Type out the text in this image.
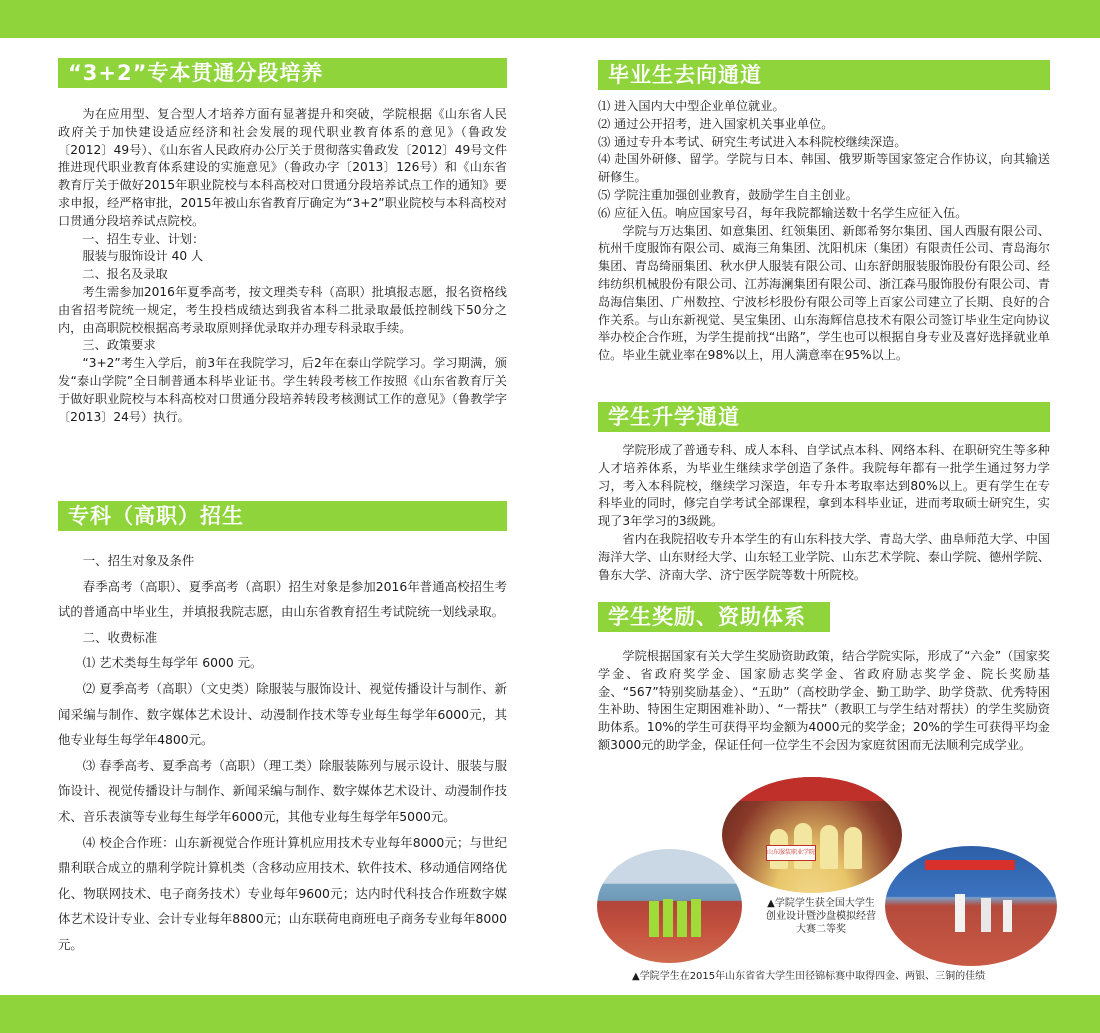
“3+2”专本贯通分段培养

为在应用型、复合型人才培养方面有显著提升和突破，学院根据《山东省人民政府关于加快建设适应经济和社会发展的现代职业教育体系的意见》（鲁政发〔2012〕49号）、《山东省人民政府办公厅关于贯彻落实鲁政发〔2012〕49号文件推进现代职业教育体系建设的实施意见》（鲁政办字〔2013〕126号）和《山东省教育厅关于做好2015年职业院校与本科高校对口贯通分段培养试点工作的通知》要求申报，经严格审批，2015年被山东省教育厅确定为“3+2”职业院校与本科高校对口贯通分段培养试点院校。

一、招生专业、计划：

服装与服饰设计 40 人

二、报名及录取

考生需参加2016年夏季高考，按文理类专科（高职）批填报志愿，报名资格线由省招考院统一规定，考生投档成绩达到我省本科二批录取最低控制线下50分之内，由高职院校根据高考录取原则择优录取并办理专科录取手续。

三、政策要求

“3+2”考生入学后，前3年在我院学习，后2年在泰山学院学习。学习期满，颁发“泰山学院”全日制普通本科毕业证书。学生转段考核工作按照《山东省教育厅关于做好职业院校与本科高校对口贯通分段培养转段考核测试工作的意见》（鲁教学字〔2013〕24号）执行。

专科（高职）招生

一、招生对象及条件

春季高考（高职）、夏季高考（高职）招生对象是参加2016年普通高校招生考试的普通高中毕业生，并填报我院志愿，由山东省教育招生考试院统一划线录取。

二、收费标准

⑴ 艺术类每生每学年 6000 元。

⑵ 夏季高考（高职）（文史类）除服装与服饰设计、视觉传播设计与制作、新闻采编与制作、数字媒体艺术设计、动漫制作技术等专业每生每学年6000元，其他专业每生每学年4800元。

⑶ 春季高考、夏季高考（高职）（理工类）除服装陈列与展示设计、服装与服饰设计、视觉传播设计与制作、新闻采编与制作、数字媒体艺术设计、动漫制作技术、音乐表演等专业每生每学年6000元，其他专业每生每学年5000元。

⑷ 校企合作班：山东新视觉合作班计算机应用技术专业每年8000元；与世纪鼎利联合成立的鼎利学院计算机类（含移动应用技术、软件技术、移动通信网络优化、物联网技术、电子商务技术）专业每年9600元；达内时代科技合作班数字媒体艺术设计专业、会计专业每年8800元；山东联荷电商班电子商务专业每年8000元。

毕业生去向通道

⑴ 进入国内大中型企业单位就业。

⑵ 通过公开招考，进入国家机关事业单位。

⑶ 通过专升本考试、研究生考试进入本科院校继续深造。

⑷ 赴国外研修、留学。学院与日本、韩国、俄罗斯等国家签定合作协议，向其输送研修生。

⑸ 学院注重加强创业教育，鼓励学生自主创业。

⑹ 应征入伍。响应国家号召，每年我院都输送数十名学生应征入伍。

学院与万达集团、如意集团、红领集团、新郎希努尔集团、国人西服有限公司、杭州千度服饰有限公司、威海三角集团、沈阳机床（集团）有限责任公司、青岛海尔集团、青岛绮丽集团、秋水伊人服装有限公司、山东舒朗服装服饰股份有限公司、经纬纺织机械股份有限公司、江苏海澜集团有限公司、浙江森马服饰股份有限公司、青岛海信集团、广州数控、宁波杉杉股份有限公司等上百家公司建立了长期、良好的合作关系。与山东新视觉、昊宝集团、山东海辉信息技术有限公司签订毕业生定向协议举办校企合作班，为学生提前找“出路”，学生也可以根据自身专业及喜好选择就业单位。毕业生就业率在98%以上，用人满意率在95%以上。

学生升学通道

学院形成了普通专科、成人本科、自学试点本科、网络本科、在职研究生等多种人才培养体系，为毕业生继续求学创造了条件。我院每年都有一批学生通过努力学习，考入本科院校，继续学习深造，年专升本考取率达到80%以上。更有学生在专科毕业的同时，修完自学考试全部课程，拿到本科毕业证，进而考取硕士研究生，实现了3年学习的3级跳。

省内在我院招收专升本学生的有山东科技大学、青岛大学、曲阜师范大学、中国海洋大学、山东财经大学、山东轻工业学院、山东艺术学院、泰山学院、德州学院、鲁东大学、济南大学、济宁医学院等数十所院校。

学生奖励、资助体系

学院根据国家有关大学生奖励资助政策，结合学院实际，形成了“六金”（国家奖学金、省政府奖学金、国家励志奖学金、省政府励志奖学金、院长奖励基金、“567”特别奖励基金）、“五助”（高校助学金、勤工助学、助学贷款、优秀特困生补助、特困生定期困难补助）、“一帮扶”（教职工与学生结对帮扶）的学生奖励资助体系。10%的学生可获得平均金额为4000元的奖学金；20%的学生可获得平均金额3000元的助学金，保证任何一位学生不会因为家庭贫困而无法顺利完成学业。

山东服装职业学院
▲学院学生获全国大学生创业设计暨沙盘模拟经营大赛二等奖
▲学院学生在2015年山东省省大学生田径锦标赛中取得四金、两银、三铜的佳绩
